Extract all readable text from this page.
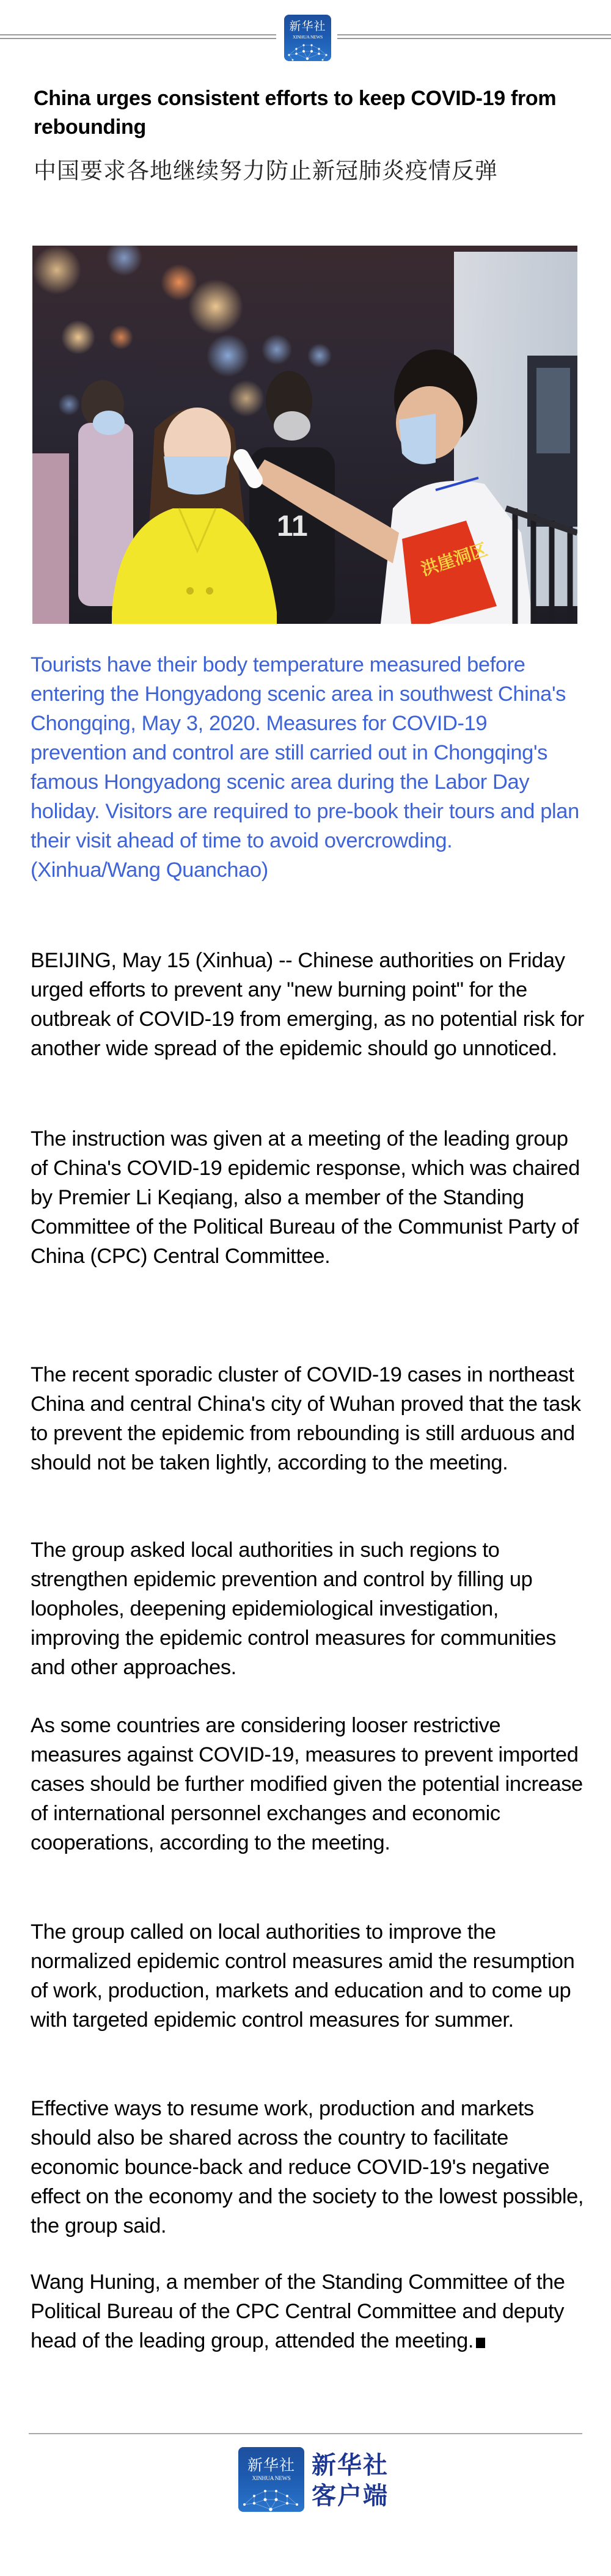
新华社
XINHUA NEWS
China urges consistent efforts to keep COVID-19 from rebounding
中国要求各地继续努力防止新冠肺炎疫情反弹
11
洪崖洞区

Tourists have their body temperature measured before entering the Hongyadong scenic area in southwest China's Chongqing, May 3, 2020. Measures for COVID-19 prevention and control are still carried out in Chongqing's famous Hongyadong scenic area during the Labor Day holiday. Visitors are required to pre-book their tours and plan their visit ahead of time to avoid overcrowding. (Xinhua/Wang Quanchao)

BEIJING, May 15 (Xinhua) -- Chinese authorities on Friday urged efforts to prevent any "new burning point" for the outbreak of COVID-19 from emerging, as no potential risk for another wide spread of the epidemic should go unnoticed.

The instruction was given at a meeting of the leading group of China's COVID-19 epidemic response, which was chaired by Premier Li Keqiang, also a member of the Standing Committee of the Political Bureau of the Communist Party of China (CPC) Central Committee.

The recent sporadic cluster of COVID-19 cases in northeast China and central China's city of Wuhan proved that the task to prevent the epidemic from rebounding is still arduous and should not be taken lightly, according to the meeting.

The group asked local authorities in such regions to strengthen epidemic prevention and control by filling up loopholes, deepening epidemiological investigation, improving the epidemic control measures for communities and other approaches.

As some countries are considering looser restrictive measures against COVID-19, measures to prevent imported cases should be further modified given the potential increase of international personnel exchanges and economic cooperations, according to the meeting.

The group called on local authorities to improve the normalized epidemic control measures amid the resumption of work, production, markets and education and to come up with targeted epidemic control measures for summer.

Effective ways to resume work, production and markets should also be shared across the country to facilitate economic bounce-back and reduce COVID-19's negative effect on the economy and the society to the lowest possible, the group said.

Wang Huning, a member of the Standing Committee of the Political Bureau of the CPC Central Committee and deputy head of the leading group, attended the meeting.

新华社
XINHUA NEWS 新华社
客户端
